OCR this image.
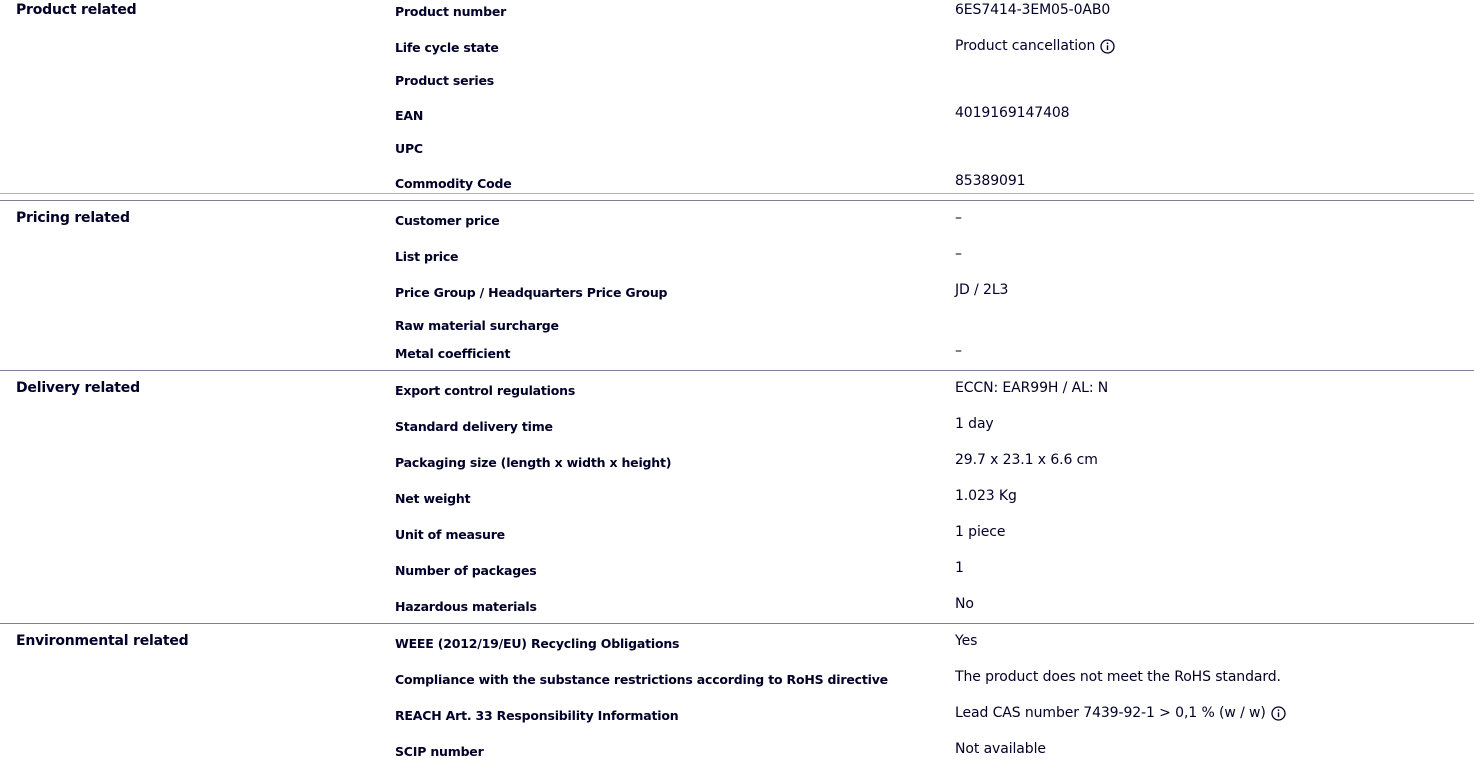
Product related	Product number	6ES7414-3EM05-0AB0
Life cycle state	Product cancellation
Product series
EAN	4019169147408
UPC
Commodity Code	85389091
Pricing related	Customer price	–
List price	–
Price Group / Headquarters Price Group	JD / 2L3
Raw material surcharge
Metal coefficient	–
Delivery related	Export control regulations	ECCN: EAR99H / AL: N
Standard delivery time	1 day
Packaging size (length x width x height)	29.7 x 23.1 x 6.6 cm
Net weight	1.023 Kg
Unit of measure	1 piece
Number of packages	1
Hazardous materials	No
Environmental related	WEEE (2012/19/EU) Recycling Obligations	Yes
Compliance with the substance restrictions according to RoHS directive	The product does not meet the RoHS standard.
REACH Art. 33 Responsibility Information	Lead CAS number 7439-92-1 > 0,1 % (w / w)
SCIP number	Not available
